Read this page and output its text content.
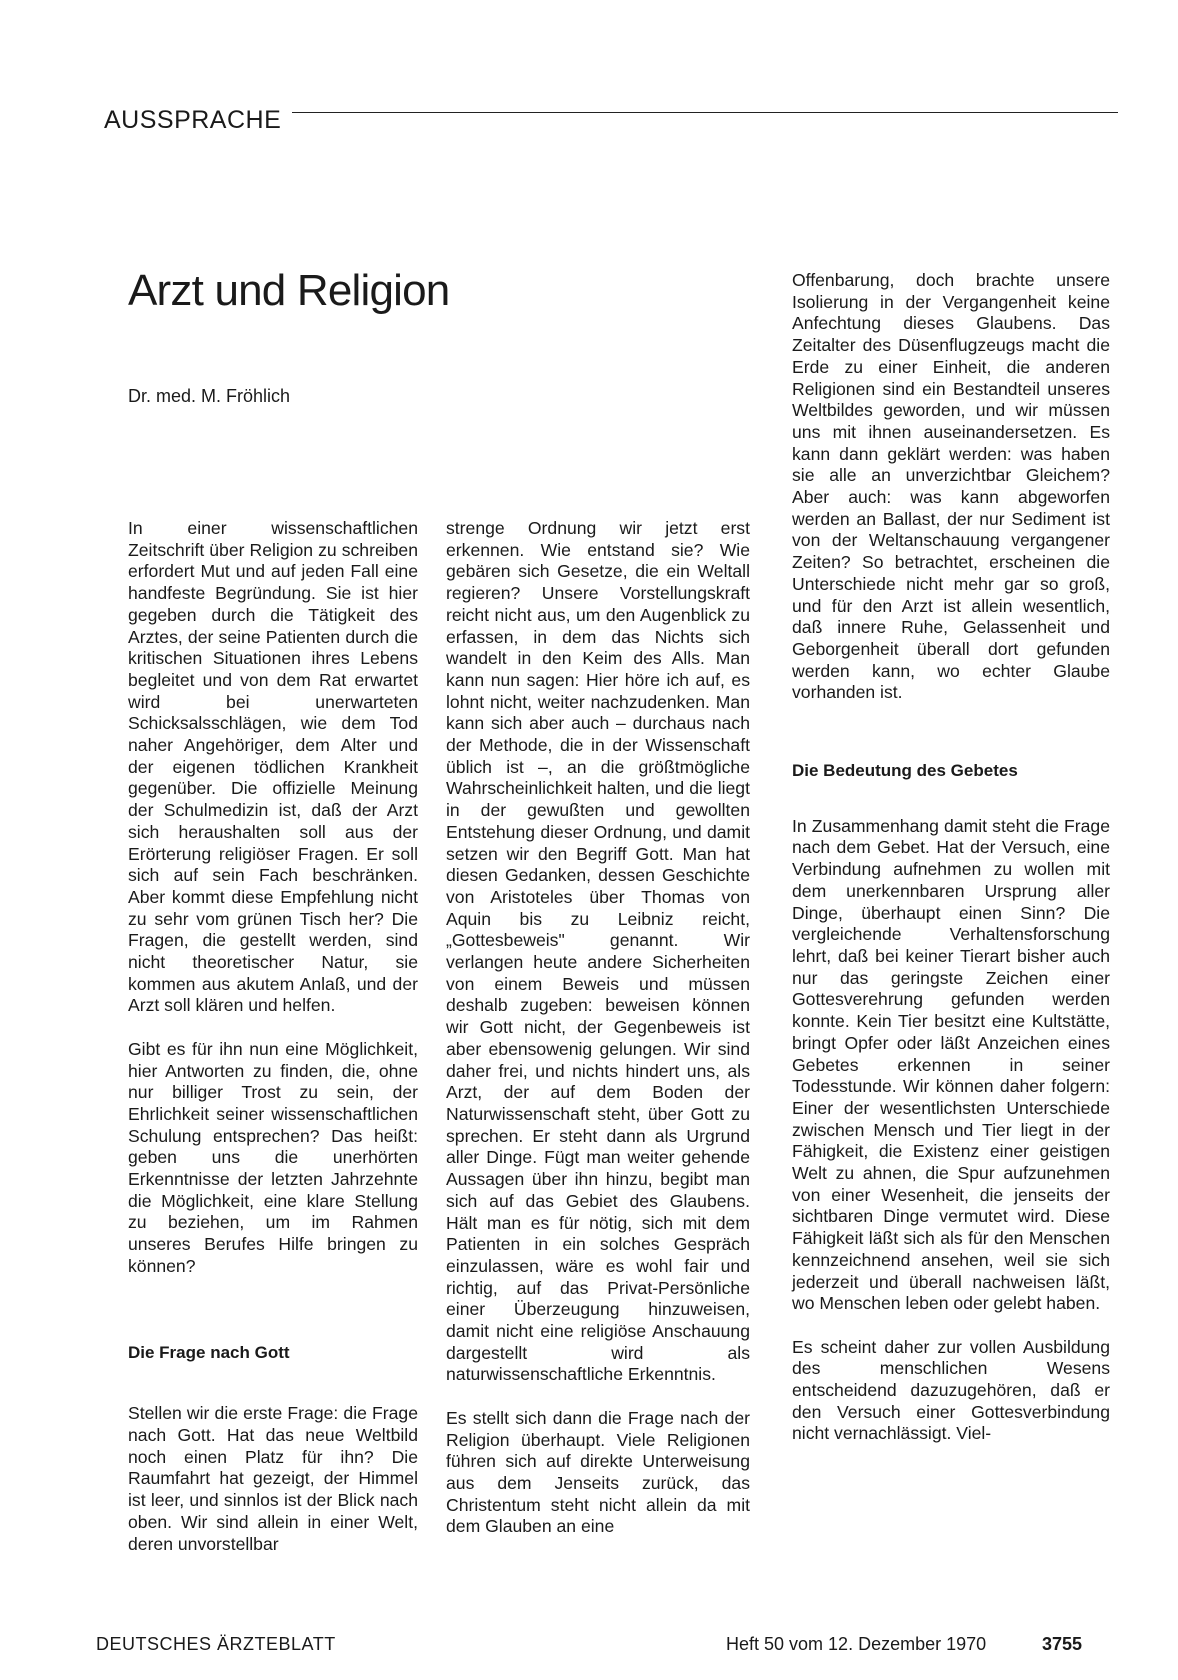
AUSSPRACHE
Arzt und Religion
Dr. med. M. Fröhlich

In einer wissenschaftlichen Zeitschrift über Religion zu schreiben erfordert Mut und auf jeden Fall eine handfeste Begründung. Sie ist hier gegeben durch die Tätigkeit des Arztes, der seine Patienten durch die kritischen Situationen ihres Lebens begleitet und von dem Rat erwartet wird bei unerwarteten Schicksalsschlägen, wie dem Tod naher Angehöriger, dem Alter und der eigenen tödlichen Krankheit gegenüber. Die offizielle Meinung der Schulmedizin ist, daß der Arzt sich heraushalten soll aus der Erörterung religiöser Fragen. Er soll sich auf sein Fach beschränken. Aber kommt diese Empfehlung nicht zu sehr vom grünen Tisch her? Die Fragen, die gestellt werden, sind nicht theoretischer Natur, sie kommen aus akutem Anlaß, und der Arzt soll klären und helfen.

Gibt es für ihn nun eine Möglichkeit, hier Antworten zu finden, die, ohne nur billiger Trost zu sein, der Ehrlichkeit seiner wissenschaftlichen Schulung entsprechen? Das heißt: geben uns die unerhörten Erkenntnisse der letzten Jahrzehnte die Möglichkeit, eine klare Stellung zu beziehen, um im Rahmen unseres Berufes Hilfe bringen zu können?

Die Frage nach Gott

Stellen wir die erste Frage: die Frage nach Gott. Hat das neue Weltbild noch einen Platz für ihn? Die Raumfahrt hat gezeigt, der Himmel ist leer, und sinnlos ist der Blick nach oben. Wir sind allein in einer Welt, deren unvorstellbar

strenge Ordnung wir jetzt erst erkennen. Wie entstand sie? Wie gebären sich Gesetze, die ein Weltall regieren? Unsere Vorstellungskraft reicht nicht aus, um den Augenblick zu erfassen, in dem das Nichts sich wandelt in den Keim des Alls. Man kann nun sagen: Hier höre ich auf, es lohnt nicht, weiter nachzudenken. Man kann sich aber auch – durchaus nach der Methode, die in der Wissenschaft üblich ist –, an die größtmögliche Wahrscheinlichkeit halten, und die liegt in der gewußten und gewollten Entstehung dieser Ordnung, und damit setzen wir den Begriff Gott. Man hat diesen Gedanken, dessen Geschichte von Aristoteles über Thomas von Aquin bis zu Leibniz reicht, „Gottesbeweis" genannt. Wir verlangen heute andere Sicherheiten von einem Beweis und müssen deshalb zugeben: beweisen können wir Gott nicht, der Gegenbeweis ist aber ebensowenig gelungen. Wir sind daher frei, und nichts hindert uns, als Arzt, der auf dem Boden der Naturwissenschaft steht, über Gott zu sprechen. Er steht dann als Urgrund aller Dinge. Fügt man weiter gehende Aussagen über ihn hinzu, begibt man sich auf das Gebiet des Glaubens. Hält man es für nötig, sich mit dem Patienten in ein solches Gespräch einzulassen, wäre es wohl fair und richtig, auf das Privat-Persönliche einer Überzeugung hinzuweisen, damit nicht eine religiöse Anschauung dargestellt wird als naturwissenschaftliche Erkenntnis.

Es stellt sich dann die Frage nach der Religion überhaupt. Viele Religionen führen sich auf direkte Unterweisung aus dem Jenseits zurück, das Christentum steht nicht allein da mit dem Glauben an eine

Offenbarung, doch brachte unsere Isolierung in der Vergangenheit keine Anfechtung dieses Glaubens. Das Zeitalter des Düsenflugzeugs macht die Erde zu einer Einheit, die anderen Religionen sind ein Bestandteil unseres Weltbildes geworden, und wir müssen uns mit ihnen auseinandersetzen. Es kann dann geklärt werden: was haben sie alle an unverzichtbar Gleichem? Aber auch: was kann abgeworfen werden an Ballast, der nur Sediment ist von der Weltanschauung vergangener Zeiten? So betrachtet, erscheinen die Unterschiede nicht mehr gar so groß, und für den Arzt ist allein wesentlich, daß innere Ruhe, Gelassenheit und Geborgenheit überall dort gefunden werden kann, wo echter Glaube vorhanden ist.

Die Bedeutung des Gebetes

In Zusammenhang damit steht die Frage nach dem Gebet. Hat der Versuch, eine Verbindung aufnehmen zu wollen mit dem unerkennbaren Ursprung aller Dinge, überhaupt einen Sinn? Die vergleichende Verhaltensforschung lehrt, daß bei keiner Tierart bisher auch nur das geringste Zeichen einer Gottesverehrung gefunden werden konnte. Kein Tier besitzt eine Kultstätte, bringt Opfer oder läßt Anzeichen eines Gebetes erkennen in seiner Todesstunde. Wir können daher folgern: Einer der wesentlichsten Unterschiede zwischen Mensch und Tier liegt in der Fähigkeit, die Existenz einer geistigen Welt zu ahnen, die Spur aufzunehmen von einer Wesenheit, die jenseits der sichtbaren Dinge vermutet wird. Diese Fähigkeit läßt sich als für den Menschen kennzeichnend ansehen, weil sie sich jederzeit und überall nachweisen läßt, wo Menschen leben oder gelebt haben.

Es scheint daher zur vollen Ausbildung des menschlichen Wesens entscheidend dazuzugehören, daß er den Versuch einer Gottesverbindung nicht vernachlässigt. Viel-

DEUTSCHES ÄRZTEBLATT	Heft 50 vom 12. Dezember 1970	3755
